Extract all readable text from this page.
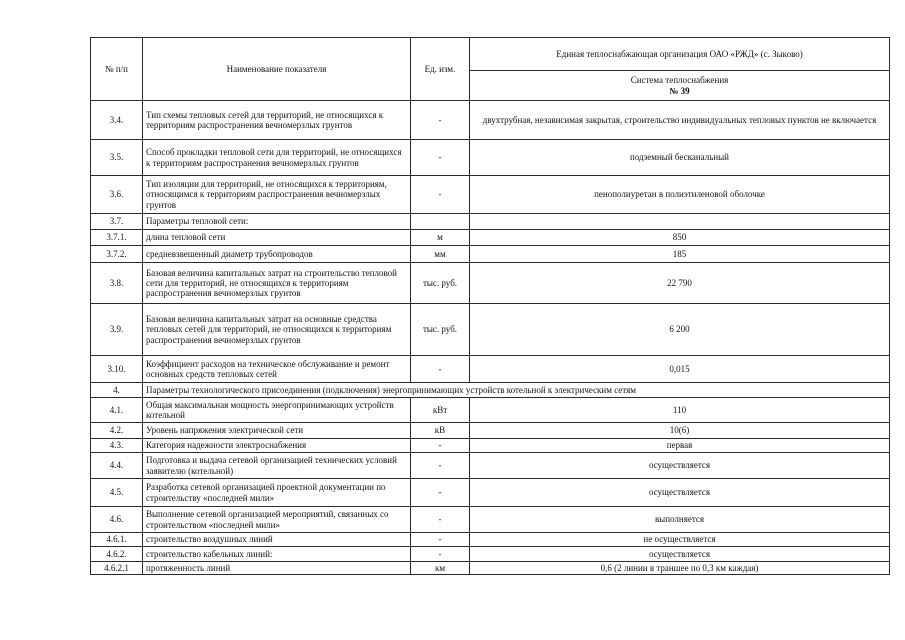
№ п/п	Наименование показателя	Ед. изм.	Единая теплоснабжающая организация ОАО «РЖД» (с. Зыково)

			Система теплоснабжения
№ 39

3.4.	Тип схемы тепловых сетей для территорий, не относящихся к территориям распространения вечномерзлых грунтов	-	двухтрубная, независимая закрытая, строительство индивидуальных тепловых пунктов не включается
3.5.	Способ прокладки тепловой сети для территорий, не относящихся к территориям распространения вечномерзлых грунтов	-	подземный бесканальный
3.6.	Тип изоляции для территорий, не относящихся к территориям, относящимся к территориям распространения вечномерзлых грунтов	-	пенополиуретан в полиэтиленовой оболочке
3.7.	Параметры тепловой сети:		
3.7.1.	длина тепловой сети	м	850
3.7.2.	средневзвешенный диаметр трубопроводов	мм	185
3.8.	Базовая величина капитальных затрат на строительство тепловой сети для территорий, не относящихся к территориям распространения вечномерзлых грунтов	тыс. руб.	22 790
3.9.	Базовая величина капитальных затрат на основные средства тепловых сетей для территорий, не относящихся к территориям распространения вечномерзлых грунтов	тыс. руб.	6 200
3.10.	Коэффициент расходов на техническое обслуживание и ремонт основных средств тепловых сетей	-	0,015
4.	Параметры технологического присоединения (подключения) энергопринимающих устройств котельной к электрическим сетям		
4.1.	Общая максимальная мощность энергопринимающих устройств котельной	кВт	110
4.2.	Уровень напряжения электрической сети	кВ	10(6)
4.3.	Категория надежности электроснабжения	-	первая
4.4.	Подготовка и выдача сетевой организацией технических условий заявителю (котельной)	-	осуществляется
4.5.	Разработка сетевой организацией проектной документации по строительству «последней мили»	-	осуществляется
4.6.	Выполнение сетевой организацией мероприятий, связанных со строительством «последней мили»	-	выполняется
4.6.1.	строительство воздушных линий	-	не осуществляется
4.6.2.	строительство кабельных линий:	-	осуществляется
4.6.2.1	протяженность линий	км	0,6 (2 линии в траншее по 0,3 км каждая)
